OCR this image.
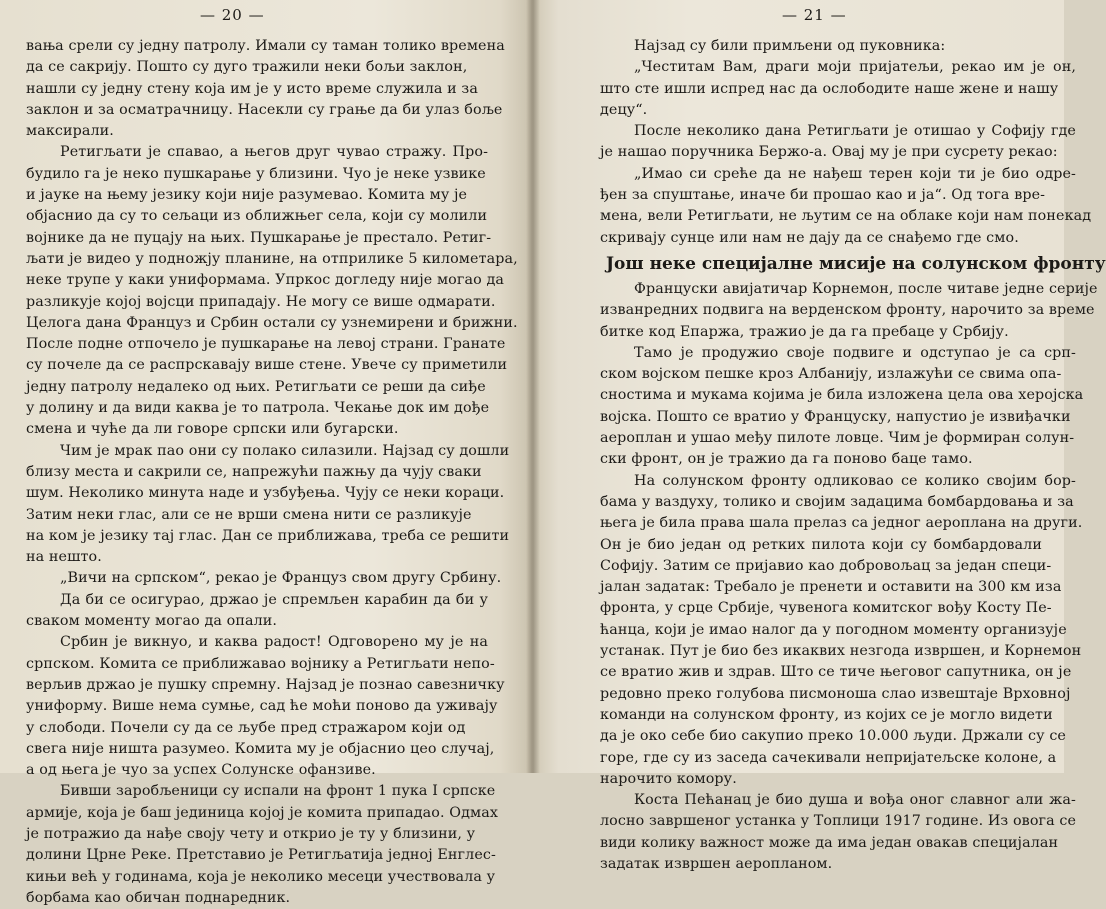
— 20 —
вања срели су једну патролу. Имали су таман толико времена
да се сакрију. Пошто су дуго тражили неки бољи заклон,
нашли су једну стену која им је у исто време служила и за
заклон и за осматрачницу. Насекли су грање да би улаз боље
максирали.
Ретигљати је спавао, а његов друг чувао стражу. Про-
будило га је неко пушкарање у близини. Чуо је неке узвике
и јауке на њему језику који није разумевао. Комита му је
објаснио да су то сељаци из оближњег села, који су молили
војнике да не пуцају на њих. Пушкарање је престало. Ретиг-
љати је видео у подножју планине, на отприлике 5 километара,
неке трупе у каки униформама. Упркос догледу није могао да
разликује којој војсци припадају. Не могу се више одмарати.
Целога дана Француз и Србин остали су узнемирени и брижни.
После подне отпочело је пушкарање на левој страни. Гранате
су почеле да се распрскавају више стене. Увече су приметили
једну патролу недалеко од њих. Ретигљати се реши да сиђе
у долину и да види каква је то патрола. Чекање док им дође
смена и чуће да ли говоре српски или бугарски.
Чим је мрак пао они су полако силазили. Најзад су дошли
близу места и сакрили се, напрежући пажњу да чују сваки
шум. Неколико минута наде и узбуђења. Чују се неки кораци.
Затим неки глас, али се не врши смена нити се разликује
на ком је језику тај глас. Дан се приближава, треба се решити
на нешто.
„Вичи на српском“, рекао је Француз свом другу Србину.
Да би се осигурао, држао је спремљен карабин да би у
сваком моменту могао да опали.
Србин је викнуо, и каква радост! Одговорено му је на
српском. Комита се приближавао војнику а Ретигљати непо-
верљив држао је пушку спремну. Најзад је познао савезничку
униформу. Више нема сумње, сад ће моћи поново да уживају
у слободи. Почели су да се љубе пред стражаром који од
свега није ништа разумео. Комита му је објаснио цео случај,
а од њега је чуо за успех Солунске офанзиве.
Бивши заробљеници су испали на фронт 1 пука I српске
армије, која је баш јединица којој је комита припадао. Одмах
је потражио да нађе своју чету и открио је ту у близини, у
долини Црне Реке. Претставио је Ретигљатија једној Енглес-
кињи већ у годинама, која је неколико месеци учествовала у
борбама као обичан поднаредник.
— 21 —
Најзад су били примљени од пуковника:
„Честитам Вам, драги моји пријатељи, рекао им је он,
што сте ишли испред нас да ослободите наше жене и нашу
децу“.
После неколико дана Ретигљати је отишао у Софију где
је нашао поручника Бержо-а. Овај му је при сусрету рекао:
„Имао си среће да не нађеш терен који ти је био одре-
ђен за спуштање, иначе би прошао као и ја“. Од тога вре-
мена, вели Ретигљати, не љутим се на облаке који нам понекад
скривају сунце или нам не дају да се снађемо где смо.
Још неке специјалне мисије на солунском фронту
Француски авијатичар Корнемон, после читаве једне серије
изванредних подвига на верденском фронту, нарочито за време
битке код Епаржа, тражио је да га пребаце у Србију.
Тамо је продужио своје подвиге и одступао је са срп-
ском војском пешке кроз Албанију, излажући се свима опа-
сностима и мукама којима је била изложена цела ова херојска
војска. Пошто се вратио у Француску, напустио је извиђачки
аероплан и ушао међу пилоте ловце. Чим је формиран солун-
ски фронт, он је тражио да га поново баце тамо.
На солунском фронту одликовао се колико својим бор-
бама у ваздуху, толико и својим задацима бомбардовања и за
њега је била права шала прелаз са једног аероплана на други.
Он је био један од ретких пилота који су бомбардовали
Софију. Затим се пријавио као добровољац за један специ-
јалан задатак: Требало је пренети и оставити на 300 км иза
фронта, у срце Србије, чувенога комитског вођу Косту Пе-
ћанца, који је имао налог да у погодном моменту организује
устанак. Пут је био без икаквих незгода извршен, и Корнемон
се вратио жив и здрав. Што се тиче његовог сапутника, он је
редовно преко голубова писмоноша слао извештаје Врховној
команди на солунском фронту, из којих се је могло видети
да је око себе био сакупио преко 10.000 људи. Држали су се
горе, где су из заседа сачекивали непријатељске колоне, а
нарочито комору.
Коста Пећанац је био душа и вођа оног славног али жа-
лосно завршеног устанка у Топлици 1917 године. Из овога се
види колику важност може да има један овакав специјалан
задатак извршен аеропланом.
